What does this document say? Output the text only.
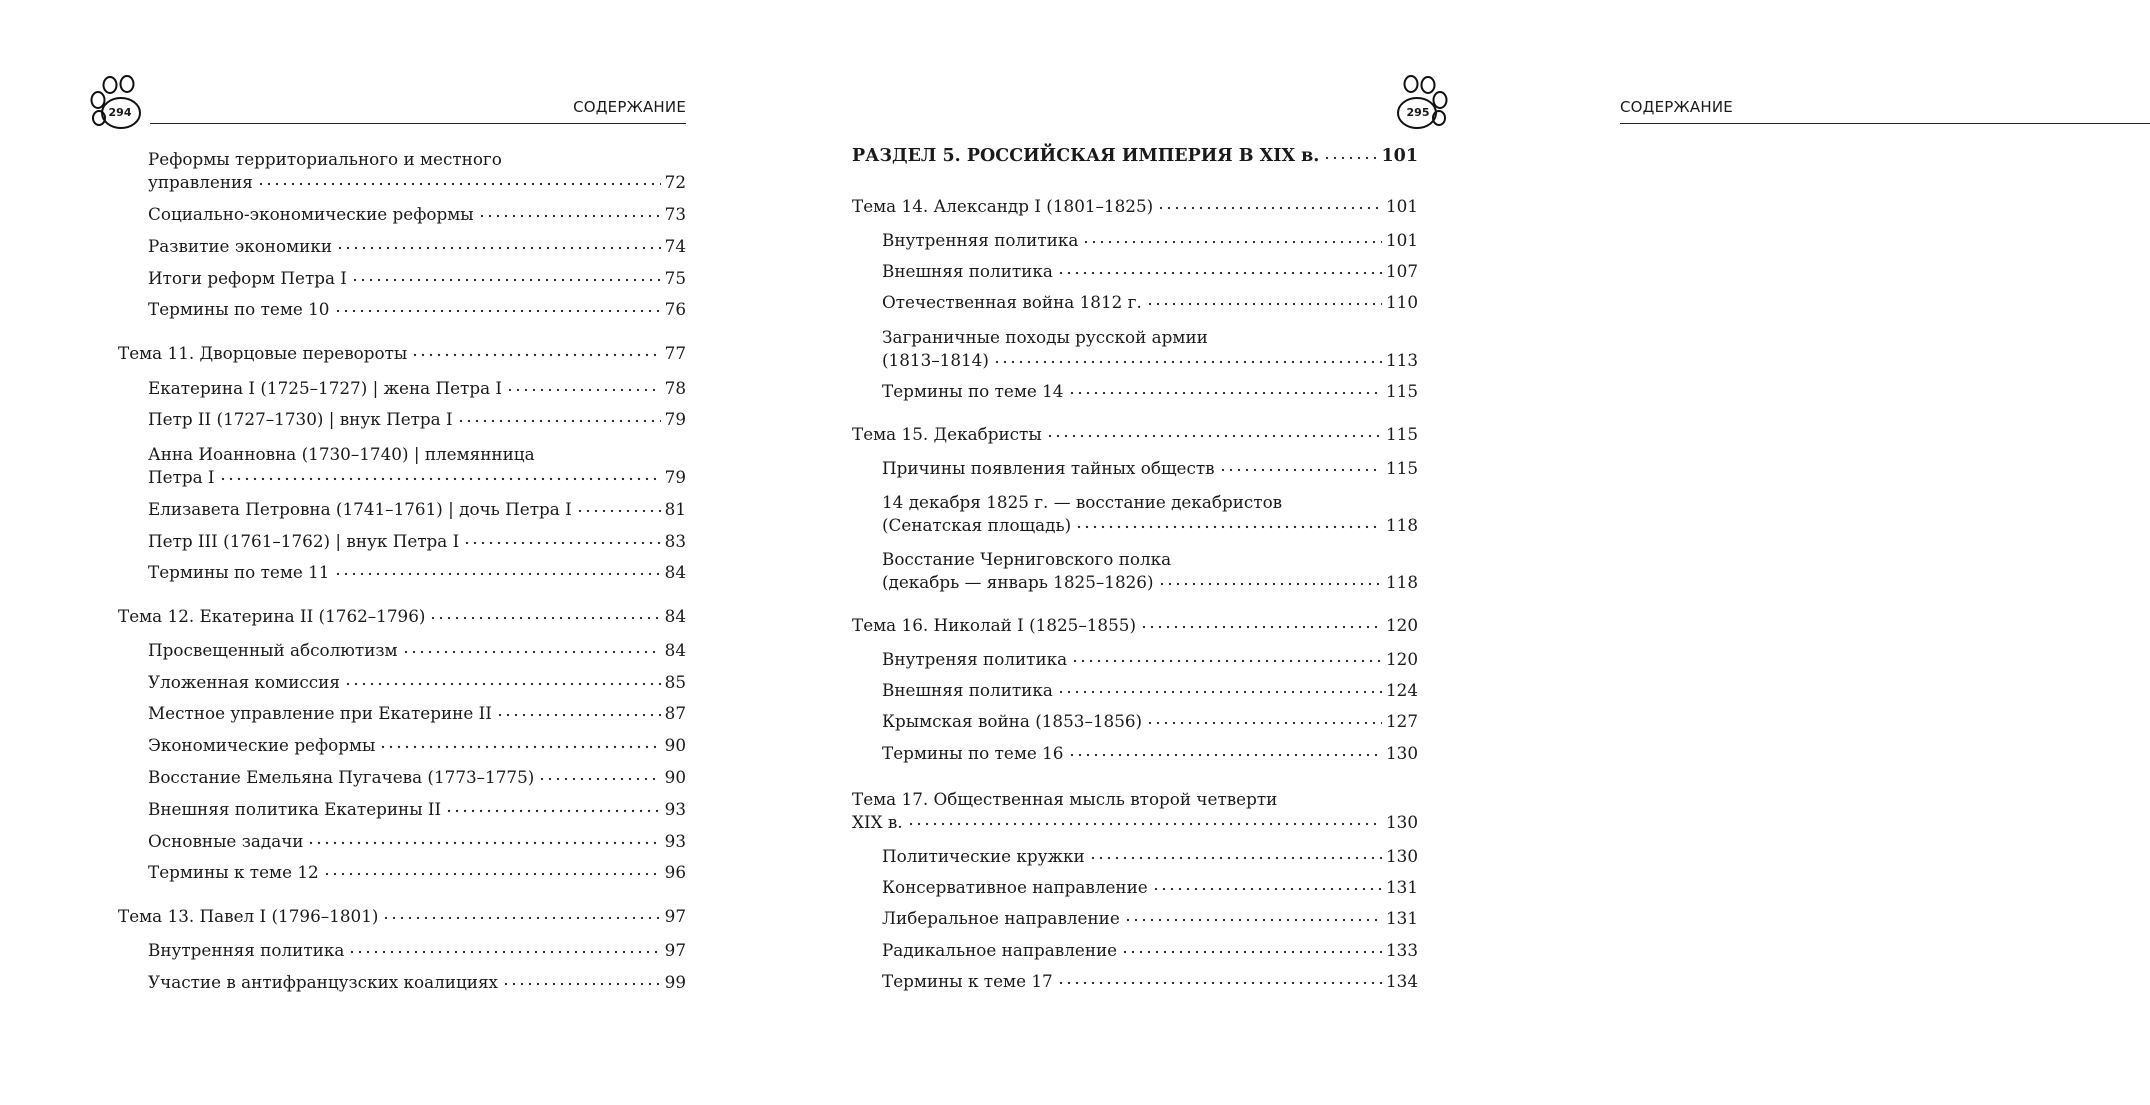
294	СОДЕРЖАНИЕ
Реформы территориального и местного
управления	72
Социально-экономические реформы	73
Развитие экономики	74
Итоги реформ Петра I	75
Термины по теме 10	76
Тема 11. Дворцовые перевороты	77
Екатерина I (1725–1727) | жена Петра I	78
Петр II (1727–1730) | внук Петра I	79
Анна Иоанновна (1730–1740) | племянница
Петра I	79
Елизавета Петровна (1741–1761) | дочь Петра I	81
Петр III (1761–1762) | внук Петра I	83
Термины по теме 11	84
Тема 12. Екатерина II (1762–1796)	84
Просвещенный абсолютизм	84
Уложенная комиссия	85
Местное управление при Екатерине II	87
Экономические реформы	90
Восстание Емельяна Пугачева (1773–1775)	90
Внешняя политика Екатерины II	93
Основные задачи	93
Термины к теме 12	96
Тема 13. Павел I (1796–1801)	97
Внутренняя политика	97
Участие в антифранцузских коалициях	99
СОДЕРЖАНИЕ
295
РАЗДЕЛ 5. РОССИЙСКАЯ ИМПЕРИЯ В XIX в.	101
Тема 14. Александр I (1801–1825)	101
Внутренняя политика	101
Внешняя политика	107
Отечественная война 1812 г.	110
Заграничные походы русской армии
(1813–1814)	113
Термины по теме 14	115
Тема 15. Декабристы	115
Причины появления тайных обществ	115
14 декабря 1825 г. — восстание декабристов
(Сенатская площадь)	118
Восстание Черниговского полка
(декабрь — январь 1825–1826)	118
Тема 16. Николай I (1825–1855)	120
Внутреняя политика	120
Внешняя политика	124
Крымская война (1853–1856)	127
Термины по теме 16	130
Тема 17. Общественная мысль второй четверти
XIX в.	130
Политические кружки	130
Консервативное направление	131
Либеральное направление	131
Радикальное направление	133
Термины к теме 17	134
